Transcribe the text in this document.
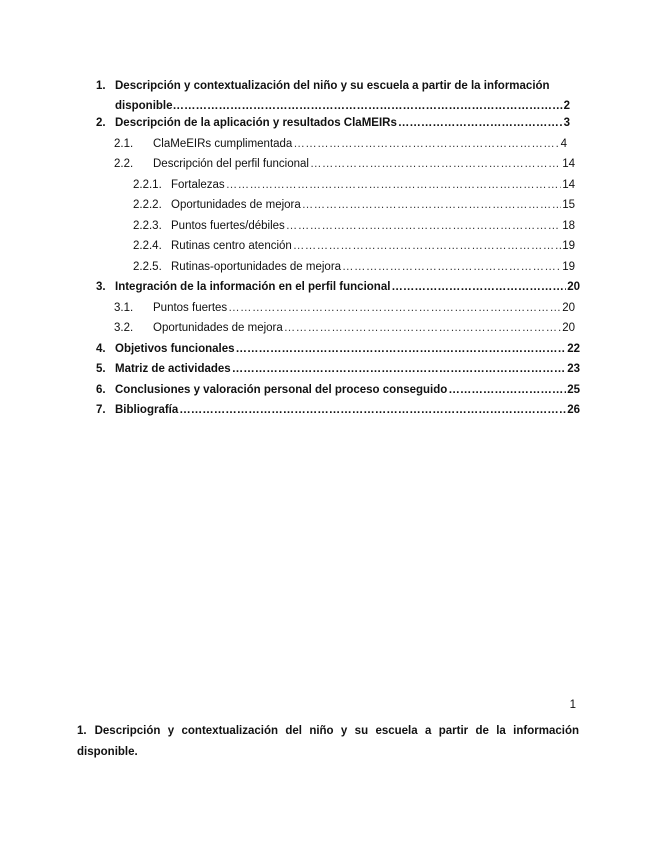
1. Descripción y contextualización del niño y su escuela a partir de la información
disponible …………………………………………………………………………………………………………………………………………	2
2. Descripción de la aplicación y resultados ClaMEIRs …………………………………………………………………………………………………………………………………………………………………………	3
2.1.	ClaMeEIRs cumplimentada …………………………………………………………………………………………………………………………………………………………………………	4
2.2.	Descripción del perfil funcional …………………………………………………………………………………………………………………………………………………………………………	14
2.2.1. Fortalezas …………………………………………………………………………………………………………………………………………………………………………	14
2.2.2. Oportunidades de mejora …………………………………………………………………………………………………………………………………………………………………………	15
2.2.3. Puntos fuertes/débiles …………………………………………………………………………………………………………………………………………………………………………	18
2.2.4. Rutinas centro atención …………………………………………………………………………………………………………………………………………………………………………	19
2.2.5. Rutinas-oportunidades de mejora …………………………………………………………………………………………………………………………………………………………………………	19
3. Integración de la información en el perfil funcional …………………………………………………………………………………………………………………………………………………………………………	20
3.1.	Puntos fuertes …………………………………………………………………………………………………………………………………………………………………………	20
3.2.	Oportunidades de mejora …………………………………………………………………………………………………………………………………………………………………………	20
4. Objetivos funcionales …………………………………………………………………………………………………………………………………………………………………………	22
5. Matriz de actividades …………………………………………………………………………………………………………………………………………………………………………	23
6. Conclusiones y valoración personal del proceso conseguido …………………………………………………………………………………………………………………………………………………………………………	25
7. Bibliografía …………………………………………………………………………………………………………………………………………………………………………	26
1
1. Descripción y contextualización del niño y su escuela a partir de la información disponible.
